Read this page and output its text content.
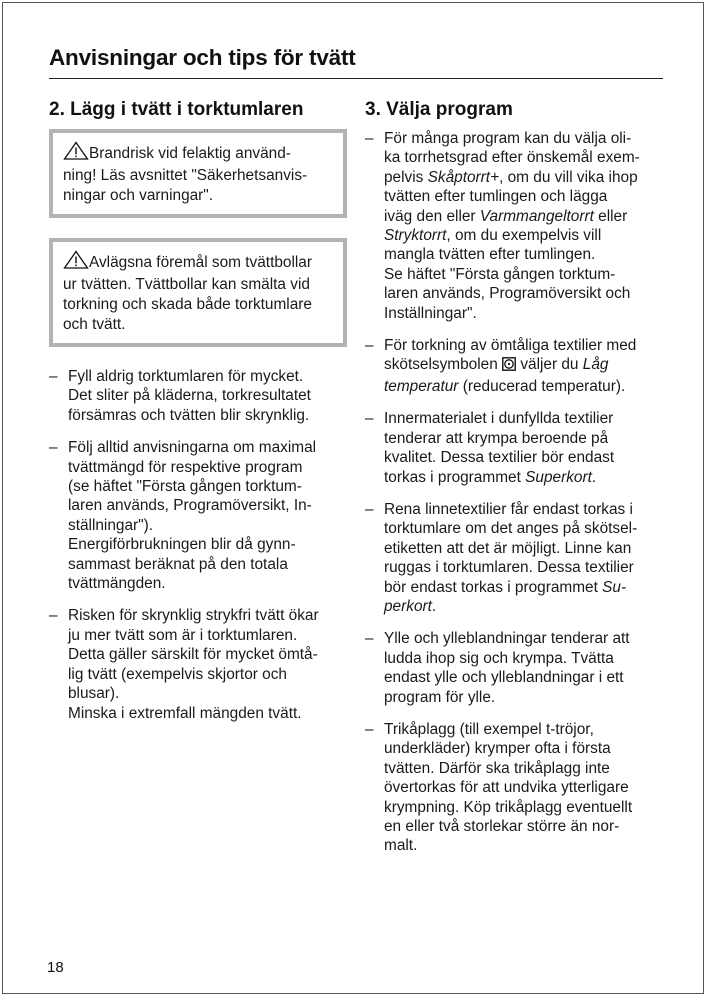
Anvisningar och tips för tvätt
2. Lägg i tvätt i torktumlaren
Brandrisk vid felaktig använd-
ning! Läs avsnittet "Säkerhetsanvis-
ningar och varningar".
Avlägsna föremål som tvättbollar
ur tvätten. Tvättbollar kan smälta vid
torkning och skada både torktumlare
och tvätt.
– Fyll aldrig torktumlaren för mycket.
Det sliter på kläderna, torkresultatet
försämras och tvätten blir skrynklig.
– Följ alltid anvisningarna om maximal
tvättmängd för respektive program
(se häftet "Första gången torktum-
laren används, Programöversikt, In-
ställningar").
Energiförbrukningen blir då gynn-
sammast beräknat på den totala
tvättmängden.
– Risken för skrynklig strykfri tvätt ökar
ju mer tvätt som är i torktumlaren.
Detta gäller särskilt för mycket ömtå-
lig tvätt (exempelvis skjortor och
blusar).
Minska i extremfall mängden tvätt.
3. Välja program
– För många program kan du välja oli-
ka torrhetsgrad efter önskemål exem-
pelvis Skåptorrt+, om du vill vika ihop
tvätten efter tumlingen och lägga
iväg den eller Varmmangeltorrt eller
Stryktorrt, om du exempelvis vill
mangla tvätten efter tumlingen.
Se häftet "Första gången torktum-
laren används, Programöversikt och
Inställningar".
– För torkning av ömtåliga textilier med
skötselsymbolen  väljer du Låg
temperatur (reducerad temperatur).
– Innermaterialet i dunfyllda textilier
tenderar att krympa beroende på
kvalitet. Dessa textilier bör endast
torkas i programmet Superkort.
– Rena linnetextilier får endast torkas i
torktumlare om det anges på skötsel-
etiketten att det är möjligt. Linne kan
ruggas i torktumlaren. Dessa textilier
bör endast torkas i programmet Su-
perkort.
– Ylle och ylleblandningar tenderar att
ludda ihop sig och krympa. Tvätta
endast ylle och ylleblandningar i ett
program för ylle.
– Trikåplagg (till exempel t-tröjor,
underkläder) krymper ofta i första
tvätten. Därför ska trikåplagg inte
övertorkas för att undvika ytterligare
krympning. Köp trikåplagg eventuellt
en eller två storlekar större än nor-
malt.
18
